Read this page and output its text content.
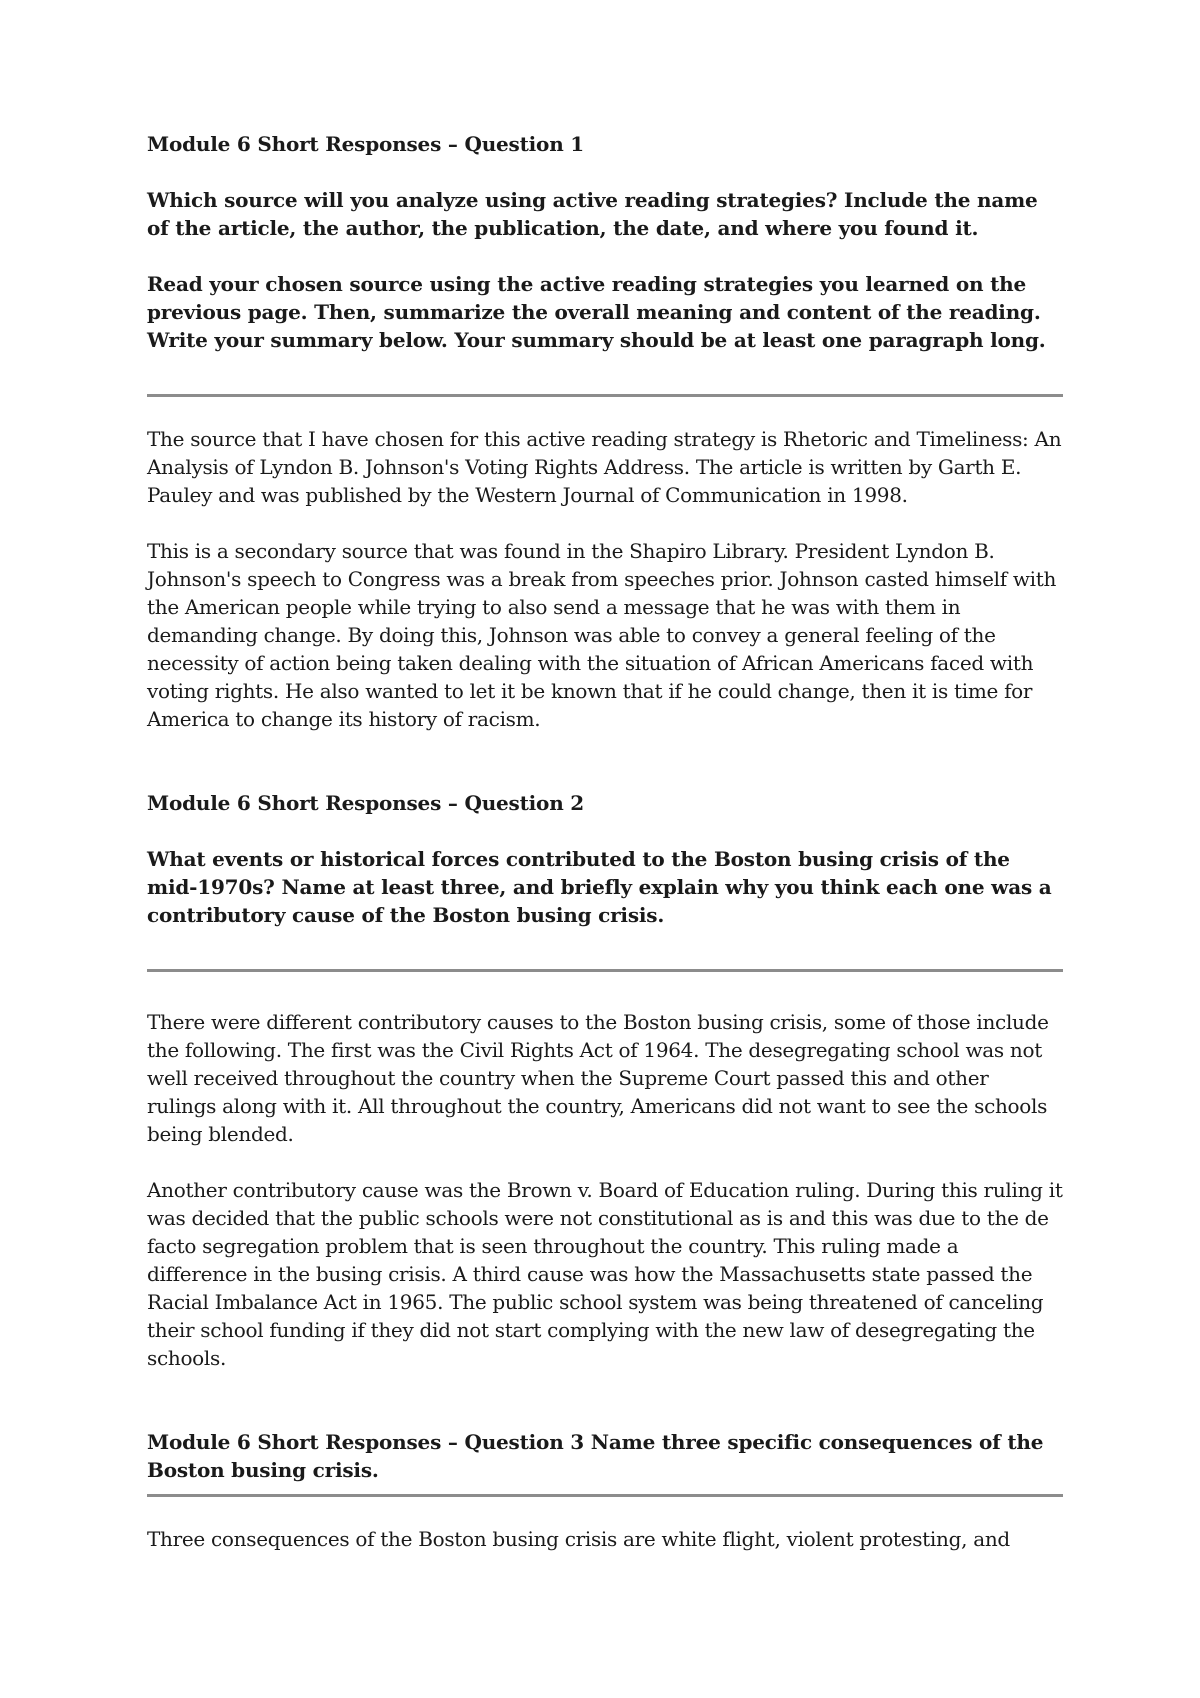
Module 6 Short Responses – Question 1

Which source will you analyze using active reading strategies? Include the name of the article, the author, the publication, the date, and where you found it.

Read your chosen source using the active reading strategies you learned on the previous page. Then, summarize the overall meaning and content of the reading. Write your summary below. Your summary should be at least one paragraph long.

The source that I have chosen for this active reading strategy is Rhetoric and Timeliness: An Analysis of Lyndon B. Johnson's Voting Rights Address. The article is written by Garth E. Pauley and was published by the Western Journal of Communication in 1998.

This is a secondary source that was found in the Shapiro Library. President Lyndon B. Johnson's speech to Congress was a break from speeches prior. Johnson casted himself with the American people while trying to also send a message that he was with them in demanding change. By doing this, Johnson was able to convey a general feeling of the necessity of action being taken dealing with the situation of African Americans faced with voting rights. He also wanted to let it be known that if he could change, then it is time for America to change its history of racism.

Module 6 Short Responses – Question 2

What events or historical forces contributed to the Boston busing crisis of the mid-1970s? Name at least three, and briefly explain why you think each one was a contributory cause of the Boston busing crisis.

There were different contributory causes to the Boston busing crisis, some of those include the following. The first was the Civil Rights Act of 1964. The desegregating school was not well received throughout the country when the Supreme Court passed this and other rulings along with it. All throughout the country, Americans did not want to see the schools being blended.

Another contributory cause was the Brown v. Board of Education ruling. During this ruling it was decided that the public schools were not constitutional as is and this was due to the de facto segregation problem that is seen throughout the country. This ruling made a difference in the busing crisis. A third cause was how the Massachusetts state passed the Racial Imbalance Act in 1965. The public school system was being threatened of canceling their school funding if they did not start complying with the new law of desegregating the schools.

Module 6 Short Responses – Question 3 Name three specific consequences of the Boston busing crisis.

Three consequences of the Boston busing crisis are white flight, violent protesting, and
